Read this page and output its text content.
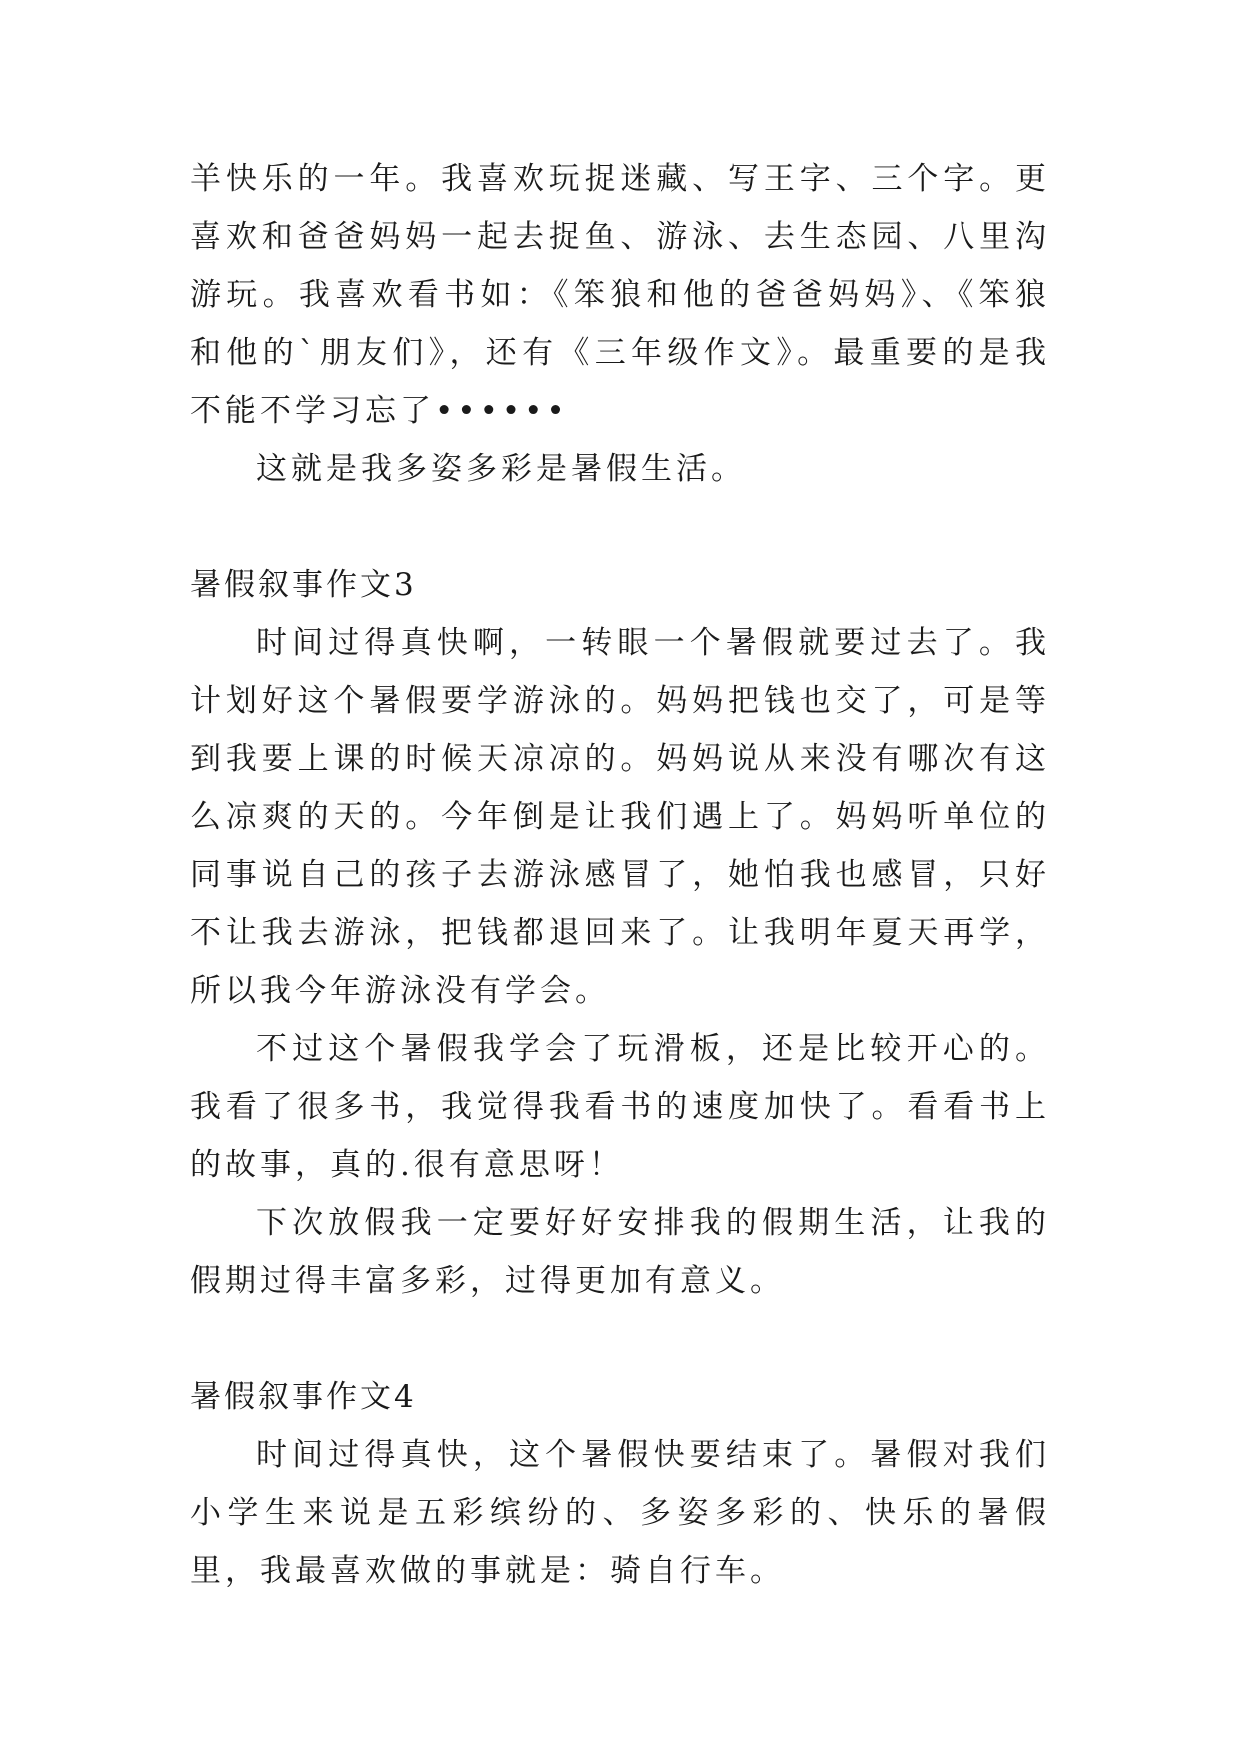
羊快乐的一年。我喜欢玩捉迷藏、写王字、三个字。更喜欢和爸爸妈妈一起去捉鱼、游泳、去生态园、八里沟游玩。我喜欢看书如：《笨狼和他的爸爸妈妈》、《笨狼和他的`朋友们》，还有《三年级作文》。最重要的是我不能不学习忘了••••••

这就是我多姿多彩是暑假生活。

暑假叙事作文3

时间过得真快啊，一转眼一个暑假就要过去了。我计划好这个暑假要学游泳的。妈妈把钱也交了，可是等到我要上课的时候天凉凉的。妈妈说从来没有哪次有这么凉爽的天的。今年倒是让我们遇上了。妈妈听单位的同事说自己的孩子去游泳感冒了，她怕我也感冒，只好不让我去游泳，把钱都退回来了。让我明年夏天再学，所以我今年游泳没有学会。

不过这个暑假我学会了玩滑板，还是比较开心的。我看了很多书，我觉得我看书的速度加快了。看看书上的故事，真的.很有意思呀！

下次放假我一定要好好安排我的假期生活，让我的假期过得丰富多彩，过得更加有意义。

暑假叙事作文4

时间过得真快，这个暑假快要结束了。暑假对我们小学生来说是五彩缤纷的、多姿多彩的、快乐的暑假里，我最喜欢做的事就是：骑自行车。
